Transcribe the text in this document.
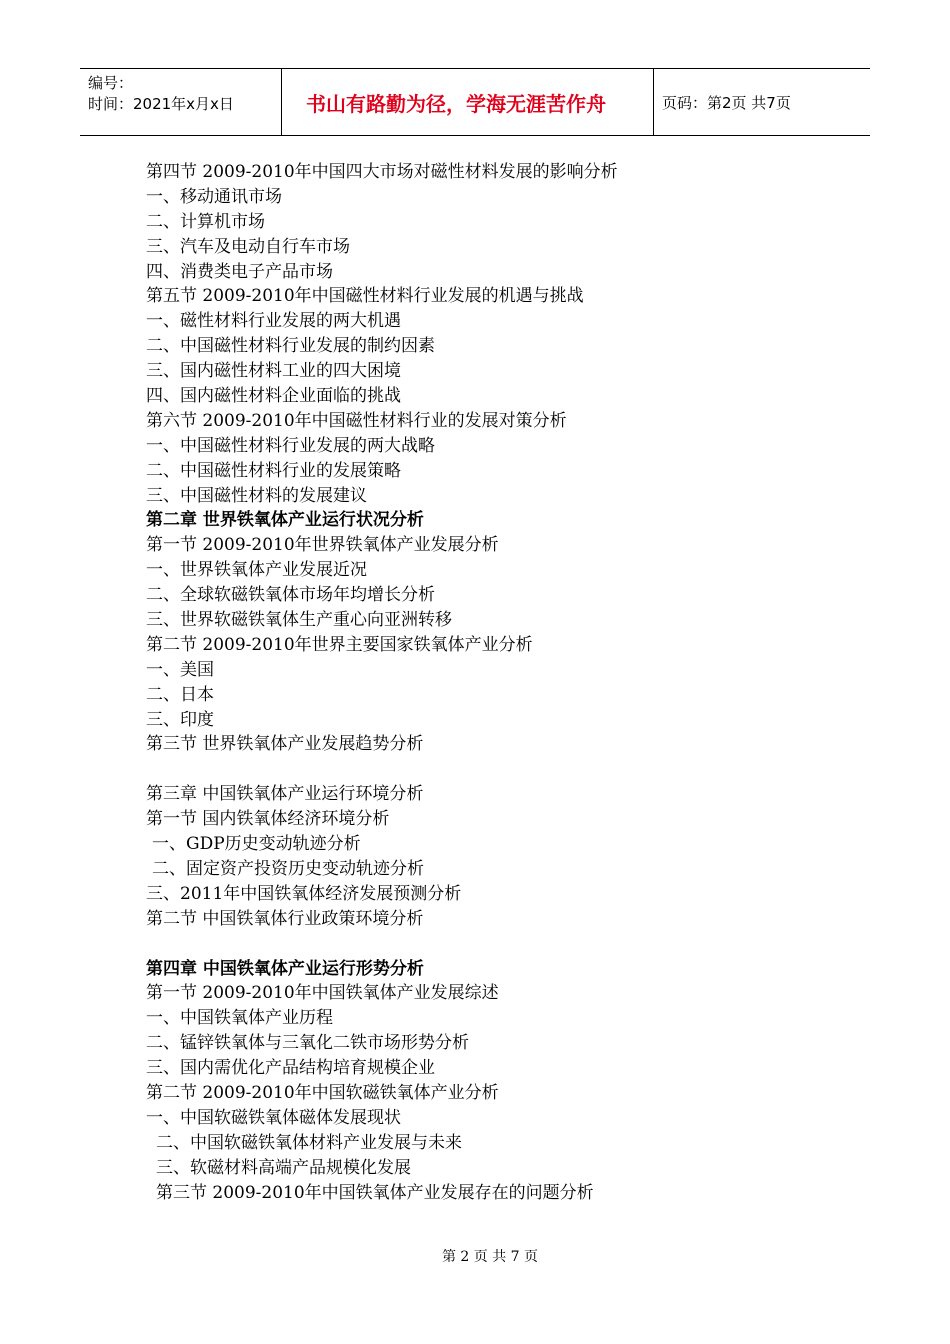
编号：
时间：2021年x月x日	书山有路勤为径，学海无涯苦作舟	页码：第2页 共7页
第四节 2009-2010年中国四大市场对磁性材料发展的影响分析
一、移动通讯市场
二、计算机市场
三、汽车及电动自行车市场
四、消费类电子产品市场
第五节 2009-2010年中国磁性材料行业发展的机遇与挑战
一、磁性材料行业发展的两大机遇
二、中国磁性材料行业发展的制约因素
三、国内磁性材料工业的四大困境
四、国内磁性材料企业面临的挑战
第六节 2009-2010年中国磁性材料行业的发展对策分析
一、中国磁性材料行业发展的两大战略
二、中国磁性材料行业的发展策略
三、中国磁性材料的发展建议
第二章 世界铁氧体产业运行状况分析
第一节 2009-2010年世界铁氧体产业发展分析
一、世界铁氧体产业发展近况
二、全球软磁铁氧体市场年均增长分析
三、世界软磁铁氧体生产重心向亚洲转移
第二节 2009-2010年世界主要国家铁氧体产业分析
一、美国
二、日本
三、印度
第三节 世界铁氧体产业发展趋势分析
第三章 中国铁氧体产业运行环境分析
第一节 国内铁氧体经济环境分析
一、GDP历史变动轨迹分析
二、固定资产投资历史变动轨迹分析
三、2011年中国铁氧体经济发展预测分析
第二节 中国铁氧体行业政策环境分析
第四章 中国铁氧体产业运行形势分析
第一节 2009-2010年中国铁氧体产业发展综述
一、中国铁氧体产业历程
二、锰锌铁氧体与三氧化二铁市场形势分析
三、国内需优化产品结构培育规模企业
第二节 2009-2010年中国软磁铁氧体产业分析
一、中国软磁铁氧体磁体发展现状
二、中国软磁铁氧体材料产业发展与未来
三、软磁材料高端产品规模化发展
第三节 2009-2010年中国铁氧体产业发展存在的问题分析
第 2 页 共 7 页
